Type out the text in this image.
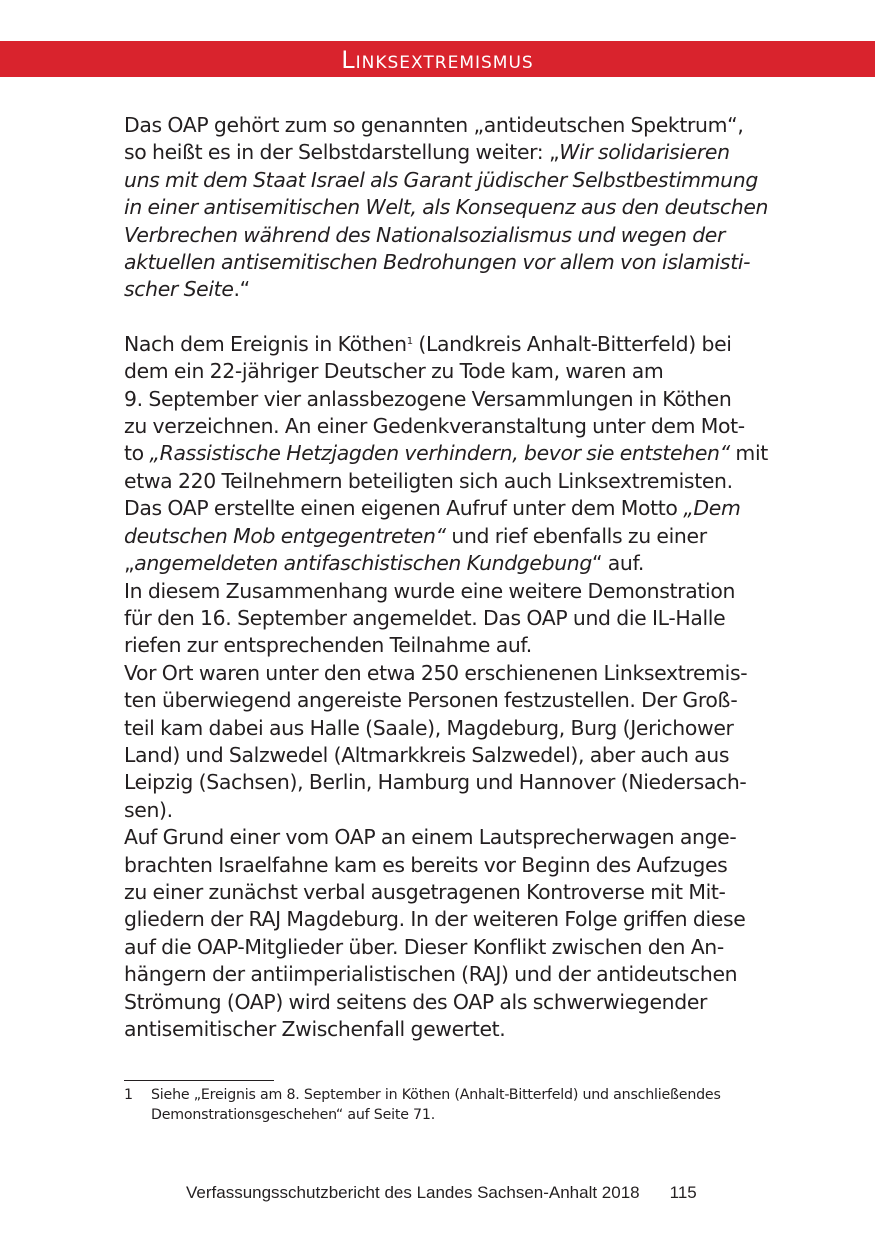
Linksextremismus

Das OAP gehört zum so genannten „antideutschen Spektrum“,
so heißt es in der Selbstdarstellung weiter: „Wir solidarisieren
uns mit dem Staat Israel als Garant jüdischer Selbstbestimmung
in einer antisemitischen Welt, als Konsequenz aus den deutschen
Verbrechen während des Nationalsozialismus und wegen der
aktuellen antisemitischen Bedrohungen vor allem von islamisti-
scher Seite.“

Nach dem Ereignis in Köthen$^1$ (Landkreis Anhalt-Bitterfeld) bei
dem ein 22-jähriger Deutscher zu Tode kam, waren am
9. September vier anlassbezogene Versammlungen in Köthen
zu verzeichnen. An einer Gedenkveranstaltung unter dem Mot-
to „Rassistische Hetzjagden verhindern, bevor sie entstehen“ mit
etwa 220 Teilnehmern beteiligten sich auch Linksextremisten.
Das OAP erstellte einen eigenen Aufruf unter dem Motto „Dem
deutschen Mob entgegentreten“ und rief ebenfalls zu einer
„angemeldeten antifaschistischen Kundgebung“ auf.

In diesem Zusammenhang wurde eine weitere Demonstration
für den 16. September angemeldet. Das OAP und die IL-Halle
riefen zur entsprechenden Teilnahme auf.

Vor Ort waren unter den etwa 250 erschienenen Linksextremis-
ten überwiegend angereiste Personen festzustellen. Der Groß-
teil kam dabei aus Halle (Saale), Magdeburg, Burg (Jerichower
Land) und Salzwedel (Altmarkkreis Salzwedel), aber auch aus
Leipzig (Sachsen), Berlin, Hamburg und Hannover (Niedersach-
sen).

Auf Grund einer vom OAP an einem Lautsprecherwagen ange-
brachten Israelfahne kam es bereits vor Beginn des Aufzuges
zu einer zunächst verbal ausgetragenen Kontroverse mit Mit-
gliedern der RAJ Magdeburg. In der weiteren Folge griffen diese
auf die OAP-Mitglieder über. Dieser Konflikt zwischen den An-
hängern der antiimperialistischen (RAJ) und der antideutschen
Strömung (OAP) wird seitens des OAP als schwerwiegender
antisemitischer Zwischenfall gewertet.

1 Siehe „Ereignis am 8. September in Köthen (Anhalt-Bitterfeld) und anschließendes
Demonstrationsgeschehen“ auf Seite 71.
Verfassungsschutzbericht des Landes Sachsen-Anhalt 2018 115
